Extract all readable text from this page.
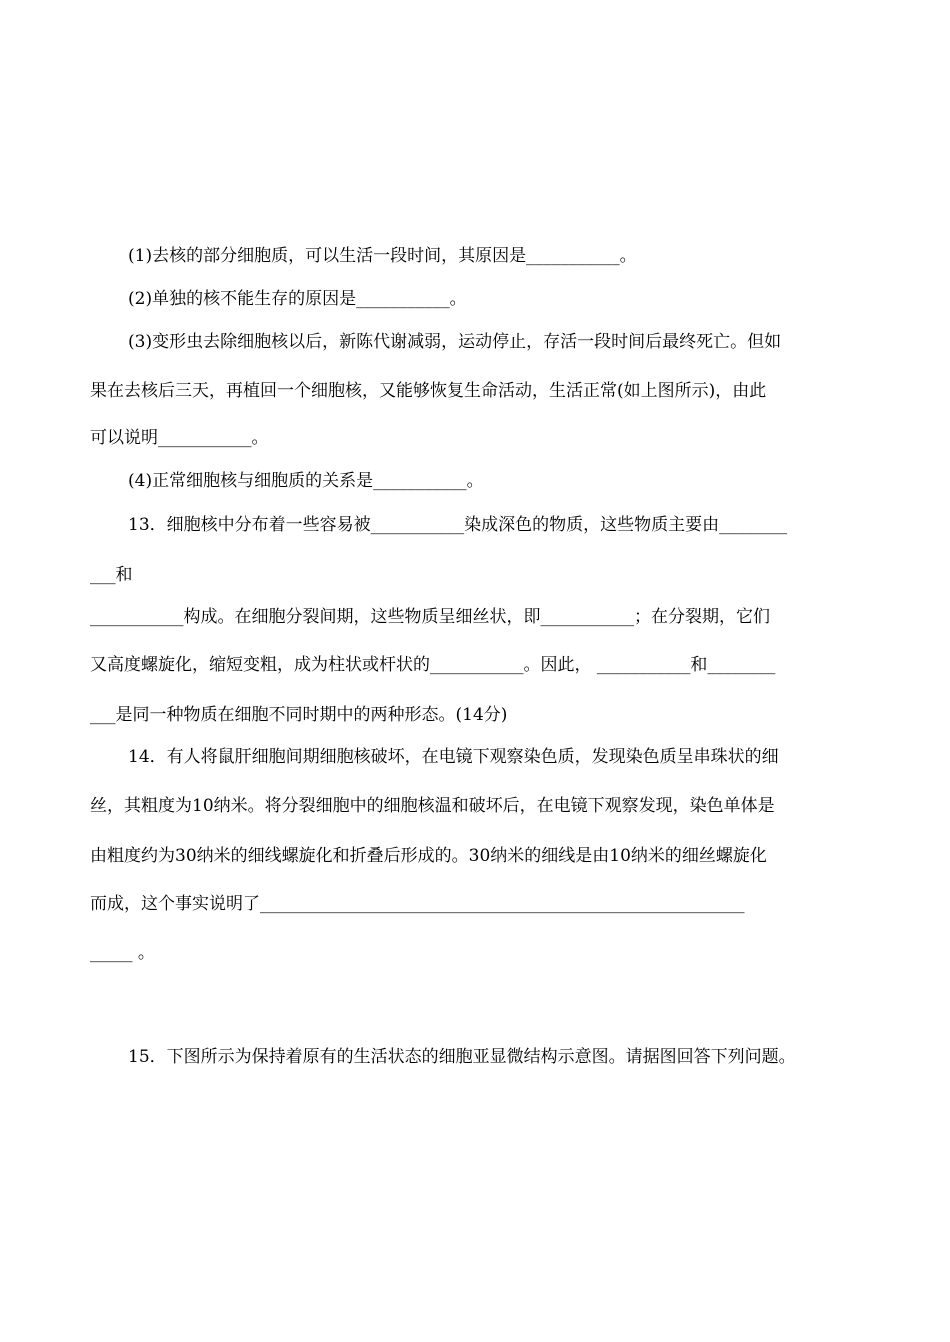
(1)去核的部分细胞质，可以生活一段时间，其原因是___________。
(2)单独的核不能生存的原因是___________。
(3)变形虫去除细胞核以后，新陈代谢减弱，运动停止，存活一段时间后最终死亡。但如
果在去核后三天，再植回一个细胞核，又能够恢复生命活动，生活正常(如上图所示)，由此
可以说明___________。
(4)正常细胞核与细胞质的关系是___________。
13．细胞核中分布着一些容易被___________染成深色的物质，这些物质主要由________
___和
___________构成。在细胞分裂间期，这些物质呈细丝状，即___________；在分裂期，它们
又高度螺旋化，缩短变粗，成为柱状或杆状的___________。因此， ___________和________
___是同一种物质在细胞不同时期中的两种形态。(14分)
14．有人将鼠肝细胞间期细胞核破坏，在电镜下观察染色质，发现染色质呈串珠状的细
丝，其粗度为10纳米。将分裂细胞中的细胞核温和破坏后，在电镜下观察发现，染色单体是
由粗度约为30纳米的细线螺旋化和折叠后形成的。30纳米的细线是由10纳米的细丝螺旋化
而成，这个事实说明了_________________________________________________________
_____ 。
15．下图所示为保持着原有的生活状态的细胞亚显微结构示意图。请据图回答下列问题。
